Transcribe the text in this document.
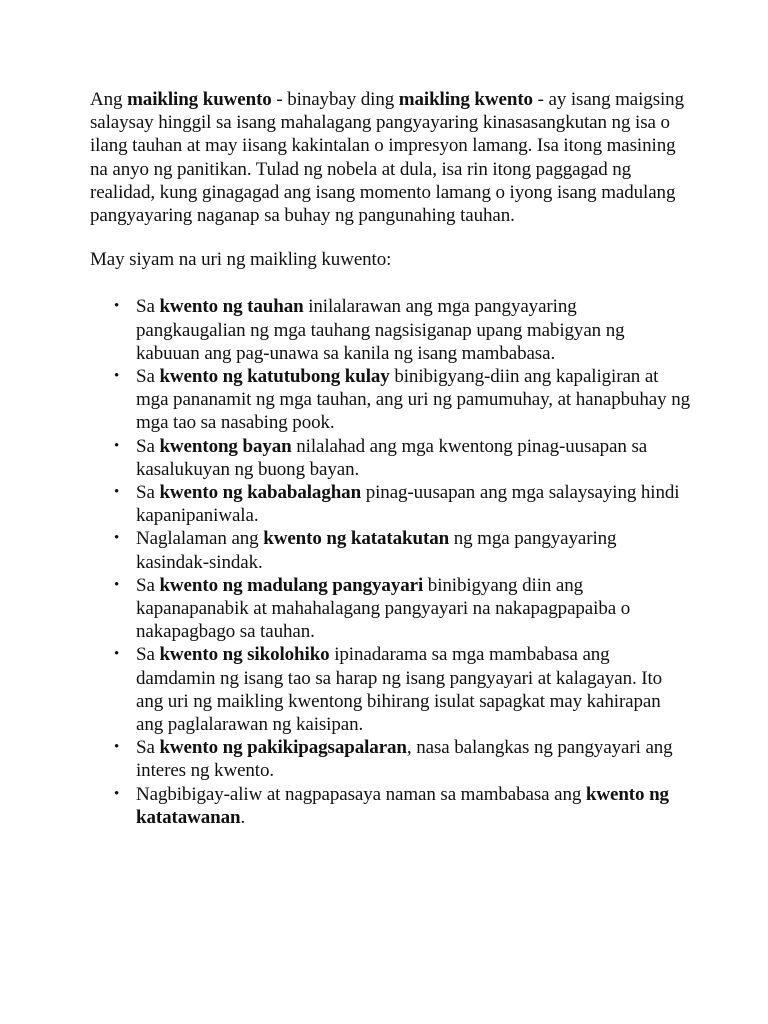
Ang maikling kuwento - binaybay ding maikling kwento - ay isang maigsing salaysay hinggil sa isang mahalagang pangyayaring kinasasangkutan ng isa o ilang tauhan at may iisang kakintalan o impresyon lamang. Isa itong masining na anyo ng panitikan. Tulad ng nobela at dula, isa rin itong paggagad ng realidad, kung ginagagad ang isang momento lamang o iyong isang madulang pangyayaring naganap sa buhay ng pangunahing tauhan.

May siyam na uri ng maikling kuwento:

• Sa kwento ng tauhan inilalarawan ang mga pangyayaring pangkaugalian ng mga tauhang nagsisiganap upang mabigyan ng kabuuan ang pag-unawa sa kanila ng isang mambabasa.
• Sa kwento ng katutubong kulay binibigyang-diin ang kapaligiran at mga pananamit ng mga tauhan, ang uri ng pamumuhay, at hanapbuhay ng mga tao sa nasabing pook.
• Sa kwentong bayan nilalahad ang mga kwentong pinag-uusapan sa kasalukuyan ng buong bayan.
• Sa kwento ng kababalaghan pinag-uusapan ang mga salaysaying hindi kapanipaniwala.
• Naglalaman ang kwento ng katatakutan ng mga pangyayaring kasindak-sindak.
• Sa kwento ng madulang pangyayari binibigyang diin ang kapanapanabik at mahahalagang pangyayari na nakapagpapaiba o nakapagbago sa tauhan.
• Sa kwento ng sikolohiko ipinadarama sa mga mambabasa ang damdamin ng isang tao sa harap ng isang pangyayari at kalagayan. Ito ang uri ng maikling kwentong bihirang isulat sapagkat may kahirapan ang paglalarawan ng kaisipan.
• Sa kwento ng pakikipagsapalaran, nasa balangkas ng pangyayari ang interes ng kwento.
• Nagbibigay-aliw at nagpapasaya naman sa mambabasa ang kwento ng katatawanan.
